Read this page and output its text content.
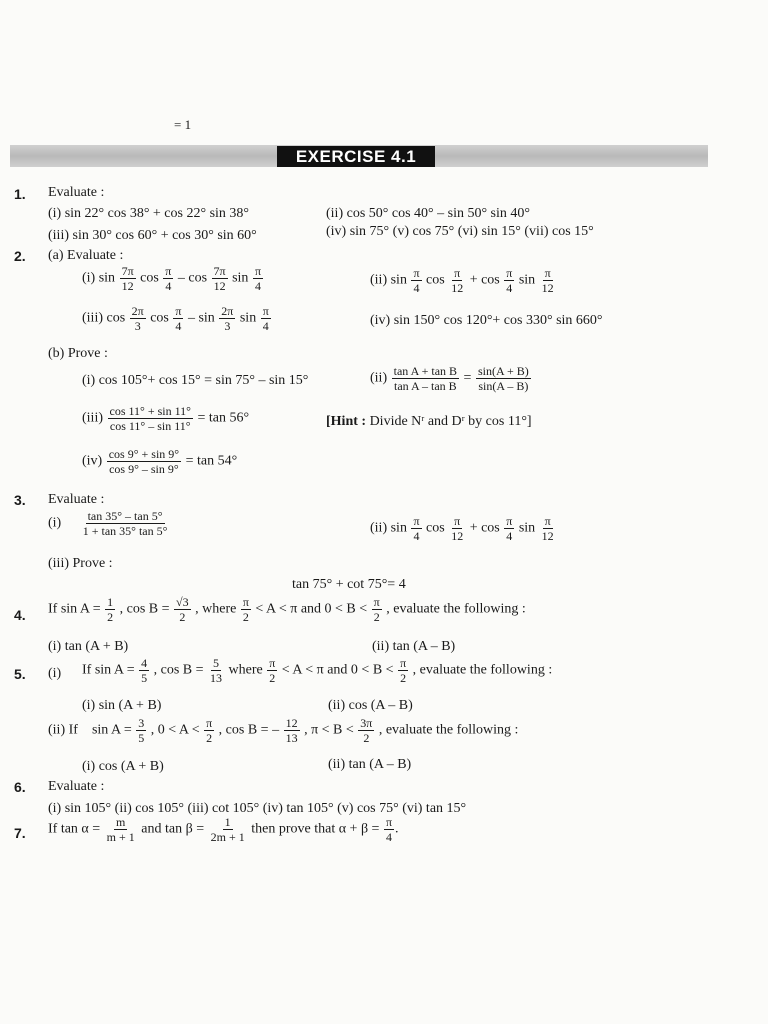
= 1
EXERCISE 4.1
1. Evaluate :
(i) sin 22° cos 38° + cos 22° sin 38°	(ii) cos 50° cos 40° – sin 50° sin 40°
(iii) sin 30° cos 60° + cos 30° sin 60°	(iv) sin 75° (v) cos 75° (vi) sin 15° (vii) cos 15°
2. (a) Evaluate :
(i) $\sin \frac{7\pi}{12}$ $\cos \frac{\pi}{4}$ – $\cos \frac{7\pi}{12}$ $\sin \frac{\pi}{4}$	(ii) $\sin \frac{\pi}{4}$ $\cos \frac{\pi}{12} + \cos \frac{\pi}{4}$ $\sin \frac{\pi}{12}$
(iii) $\cos \frac{2\pi}{3}$ $\cos \frac{\pi}{4}$ – $\sin \frac{2\pi}{3}$ $\sin \frac{\pi}{4}$	(iv) sin 150° cos 120°+ cos 330° sin 660°
(b) Prove :
(i) cos 105°+ cos 15° = sin 75° – sin 15°	$(ii) \frac{\text{tan A + tan B}}{\text{tan A – tan B}} = \frac{\sin(A + B)}{\sin(A - B)}$
$(iii) \frac{\cos 11^\circ + \sin 11^\circ}{\cos 11^\circ - \sin 11^\circ} = \tan 56^\circ$	[Hint : Divide Nʳ and Dʳ by cos 11°]
$(iv) \frac{\cos 9^\circ + \sin 9^\circ}{\cos 9^\circ - \sin 9^\circ} = \tan 54^\circ$
3. Evaluate :
$(i) \frac{\tan 35^\circ - \tan 5^\circ}{1 + \tan 35^\circ \tan 5^\circ}$	(ii) $\sin \frac{\pi}{4}$ $\cos \frac{\pi}{12} + \cos \frac{\pi}{4}$ $\sin \frac{\pi}{12}$
(iii) Prove :
tan 75° + cot 75°= 4
4. If $\sin A = \frac{1}{2}$ , $\cos B = \frac{√3}{2}$ , where $\frac{\pi}{2} < A < \pi$ and $0 < B < \frac{\pi}{2}$ , evaluate the following :
(i) tan (A + B)	(ii) tan (A – B)
5. (i) If $\sin A = \frac{4}{5}$ , $\cos B = \frac{5}{13}$ where $\frac{\pi}{2} < A < \pi$ and $0 < B < \frac{\pi}{2}$ , evaluate the following :
(i) sin (A + B)	(ii) cos (A – B)
(ii) If $\sin A = \frac{3}{5}$ , $0 < A < \frac{\pi}{2}$ , cos B = – $\frac{12}{13}$ , $\pi < B < \frac{3\pi}{2}$ , evaluate the following :
(i) cos (A + B)	(ii) tan (A – B)
6. Evaluate :
(i) sin 105° (ii) cos 105° (iii) cot 105° (iv) tan 105° (v) cos 75° (vi) tan 15°
7. If $\tan \alpha = \frac{m}{m + 1}$ and $\tan \beta = \frac{1}{2m + 1}$ then prove that $\alpha + \beta = \frac{\pi}{4}$ .
